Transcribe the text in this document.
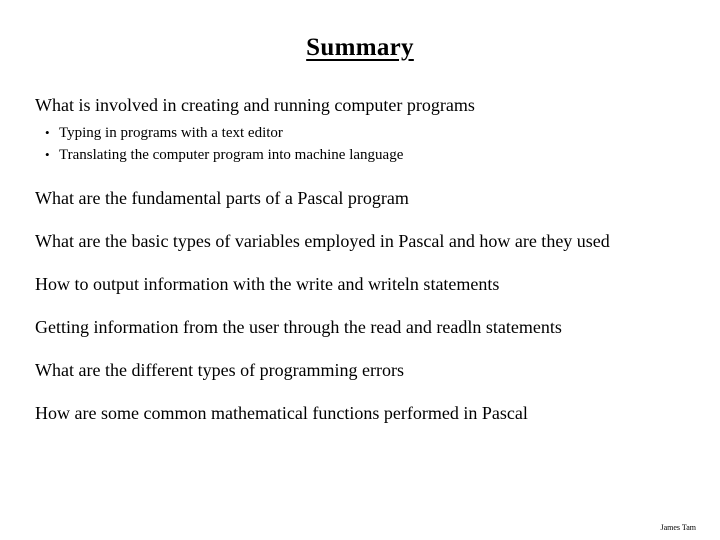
Summary

What is involved in creating and running computer programs

• Typing in programs with a text editor
• Translating the computer program into machine language

What are the fundamental parts of a Pascal program

What are the basic types of variables employed in Pascal and how are they used

How to output information with the write and writeln statements

Getting information from the user through the read and readln statements

What are the different types of programming errors

How are some common mathematical functions performed in Pascal

James Tam
